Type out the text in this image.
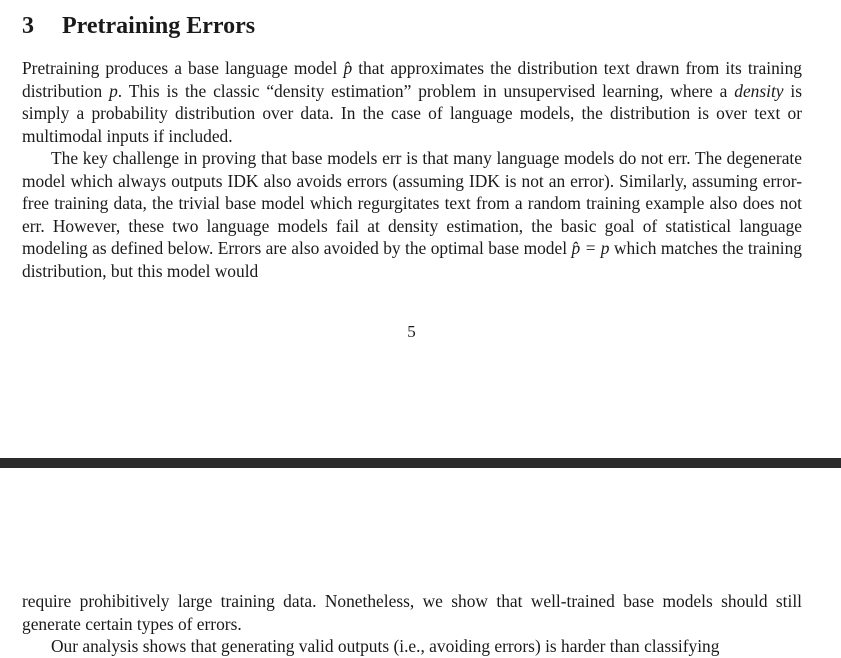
3 Pretraining Errors

Pretraining produces a base language model p̂ that approximates the distribution text drawn from its training distribution p. This is the classic “density estimation” problem in unsupervised learning, where a density is simply a probability distribution over data. In the case of language models, the distribution is over text or multimodal inputs if included.

The key challenge in proving that base models err is that many language models do not err. The degenerate model which always outputs IDK also avoids errors (assuming IDK is not an error). Similarly, assuming error-free training data, the trivial base model which regurgitates text from a random training example also does not err. However, these two language models fail at density estimation, the basic goal of statistical language modeling as defined below. Errors are also avoided by the optimal base model p̂ = p which matches the training distribution, but this model would

5

require prohibitively large training data. Nonetheless, we show that well-trained base models should still generate certain types of errors.

Our analysis shows that generating valid outputs (i.e., avoiding errors) is harder than classifying
